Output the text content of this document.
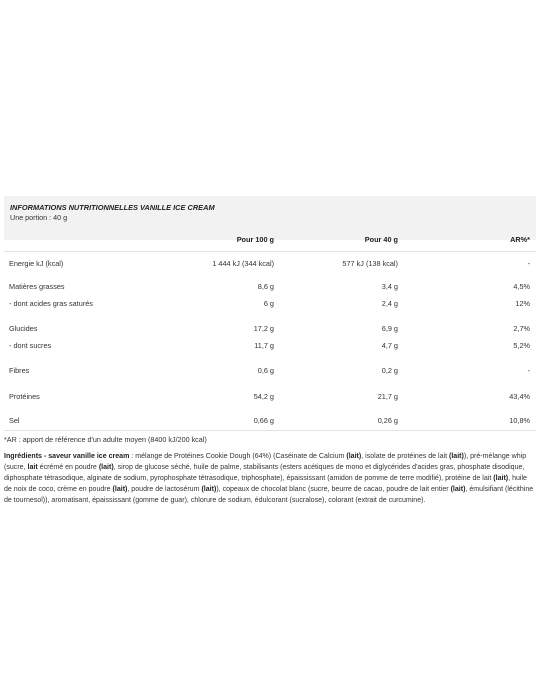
INFORMATIONS NUTRITIONNELLES VANILLE ICE CREAM
Une portion : 40 g
Pour 100 g	Pour 40 g	AR%*
Energie kJ (kcal)	1 444 kJ (344 kcal)	577 kJ (138 kcal)	-
Matières grasses	8,6 g	3,4 g	4,5%
- dont acides gras saturés	6 g	2,4 g	12%
Glucides	17,2 g	6,9 g	2,7%
- dont sucres	11,7 g	4,7 g	5,2%
Fibres	0,6 g	0,2 g	-
Protéines	54,2 g	21,7 g	43,4%
Sel	0,66 g	0,26 g	10,8%
*AR : apport de référence d'un adulte moyen (8400 kJ/200 kcal)
Ingrédients - saveur vanille ice cream : mélange de Protéines Cookie Dough (64%) (Caséinate de Calcium (lait), isolate de protéines de lait (lait)), pré-mélange whip (sucre, lait écrémé en poudre (lait), sirop de glucose séché, huile de palme, stabilisants (esters acétiques de mono et diglycérides d'acides gras, phosphate disodique, diphosphate tétrasodique, alginate de sodium, pyrophosphate tétrasodique, triphosphate), épaississant (amidon de pomme de terre modifié), protéine de lait (lait), huile de noix de coco, crème en poudre (lait), poudre de lactosérum (lait)), copeaux de chocolat blanc (sucre, beurre de cacao, poudre de lait entier (lait), émulsifiant (lécithine de tournesol)), aromatisant, épaississant (gomme de guar), chlorure de sodium, édulcorant (sucralose), colorant (extrait de curcumine).
